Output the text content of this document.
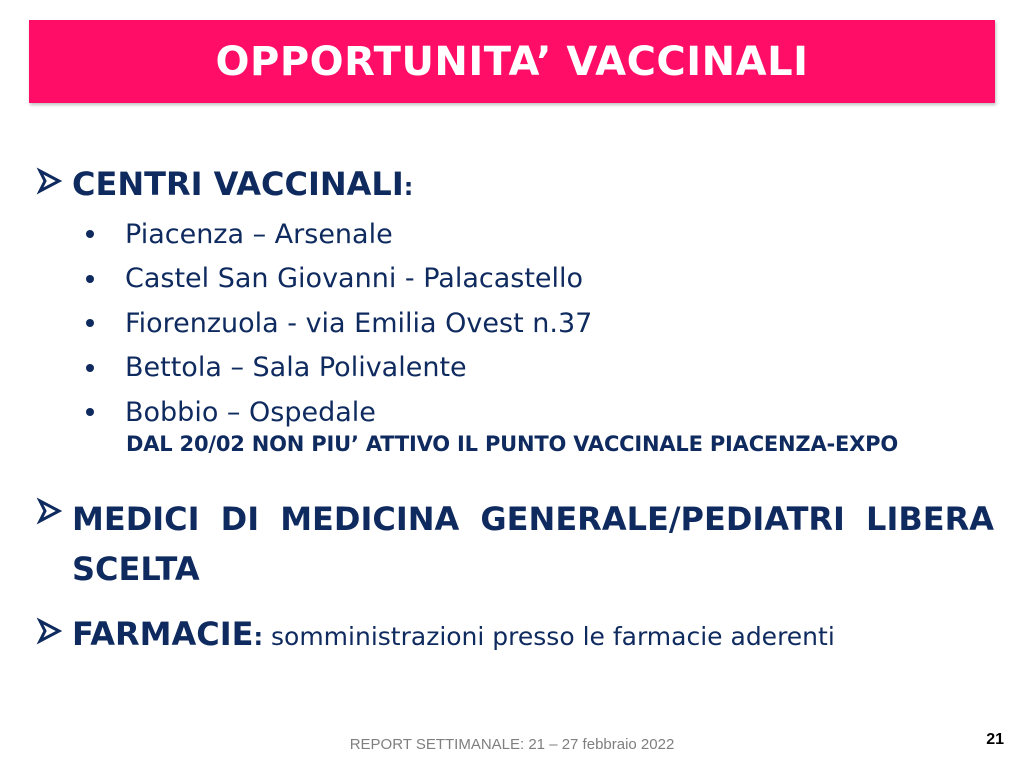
OPPORTUNITA’ VACCINALI
CENTRI VACCINALI:
Piacenza – Arsenale
Castel San Giovanni - Palacastello
Fiorenzuola - via Emilia Ovest n.37
Bettola – Sala Polivalente
Bobbio – Ospedale
DAL 20/02 NON PIU’ ATTIVO IL PUNTO VACCINALE PIACENZA-EXPO
MEDICI DI MEDICINA GENERALE/PEDIATRI LIBERA SCELTA
FARMACIE: somministrazioni presso le farmacie aderenti
REPORT SETTIMANALE: 21 – 27 febbraio 2022	21
